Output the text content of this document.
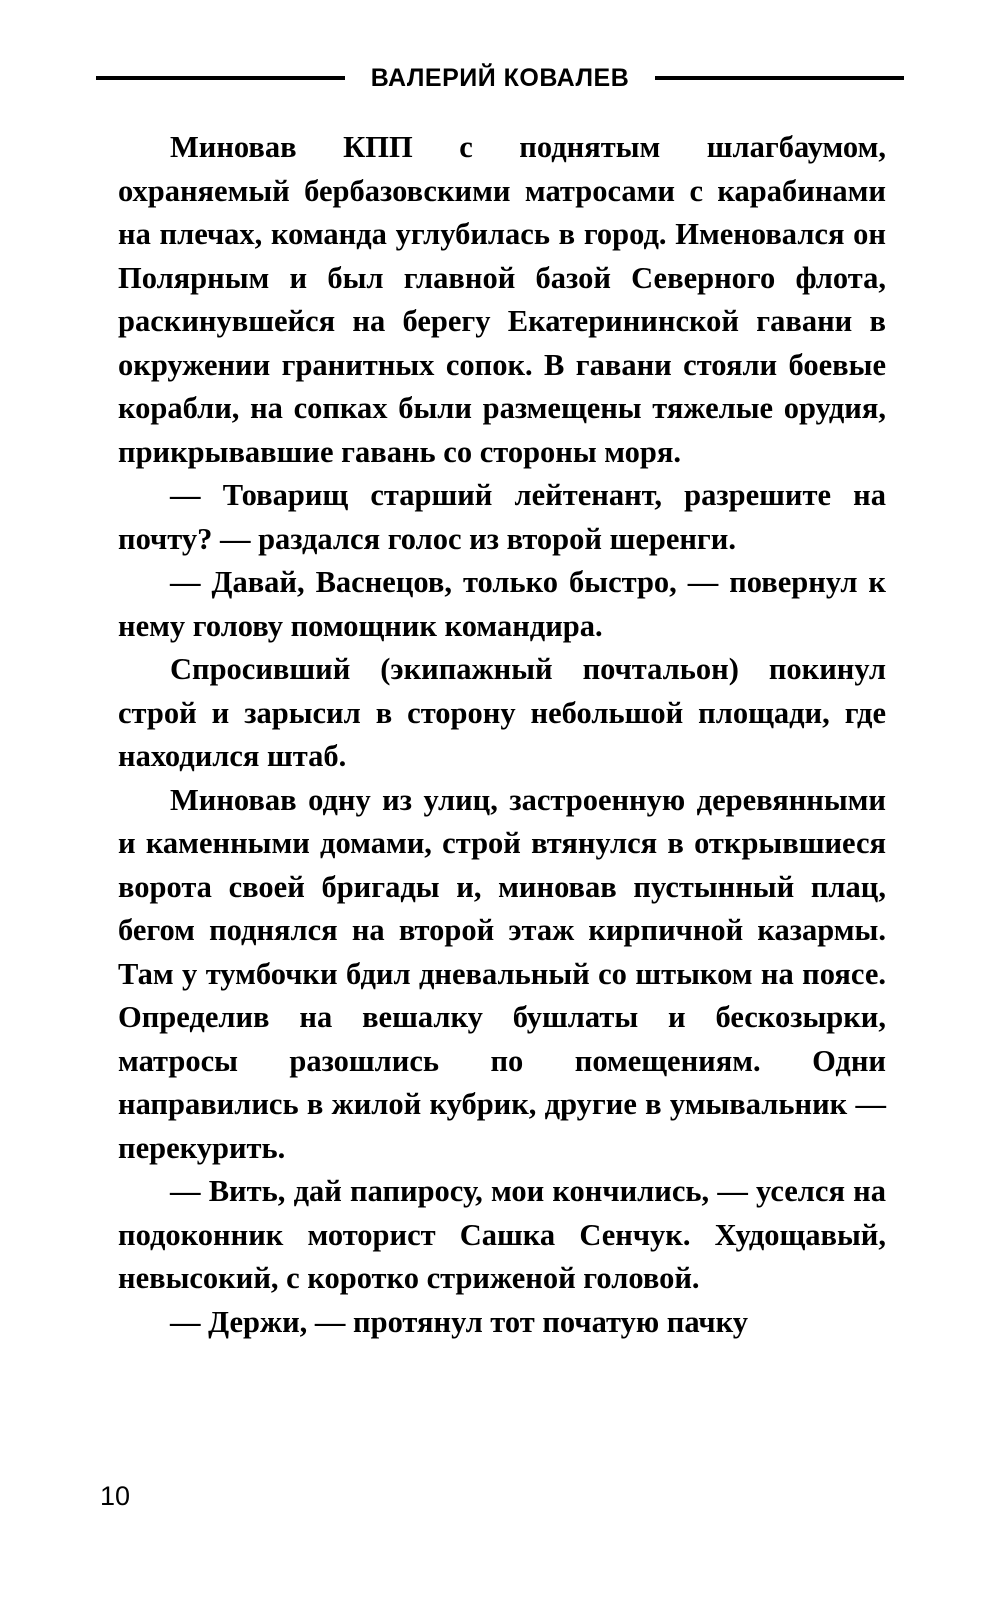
ВАЛЕРИЙ КОВАЛЕВ

Миновав КПП с поднятым шлагбаумом, охраняемый бербазовскими матросами с карабинами на плечах, команда углубилась в город. Именовался он Полярным и был главной базой Северного флота, раскинувшейся на берегу Екатерининской гавани в окружении гранитных сопок. В гавани стояли боевые корабли, на сопках были размещены тяжелые орудия, прикрывавшие гавань со стороны моря.

— Товарищ старший лейтенант, разрешите на почту? — раздался голос из второй шеренги.

— Давай, Васнецов, только быстро, — повернул к нему голову помощник командира.

Спросивший (экипажный почтальон) покинул строй и зарысил в сторону небольшой площади, где находился штаб.

Миновав одну из улиц, застроенную деревянными и каменными домами, строй втянулся в открывшиеся ворота своей бригады и, миновав пустынный плац, бегом поднялся на второй этаж кирпичной казармы. Там у тумбочки бдил дневальный со штыком на поясе. Определив на вешалку бушлаты и бескозырки, матросы разошлись по помещениям. Одни направились в жилой кубрик, другие в умывальник — перекурить.

— Вить, дай папиросу, мои кончились, — уселся на подоконник моторист Сашка Сенчук. Худощавый, невысокий, с коротко стриженой головой.

— Держи, — протянул тот початую пачку

10
